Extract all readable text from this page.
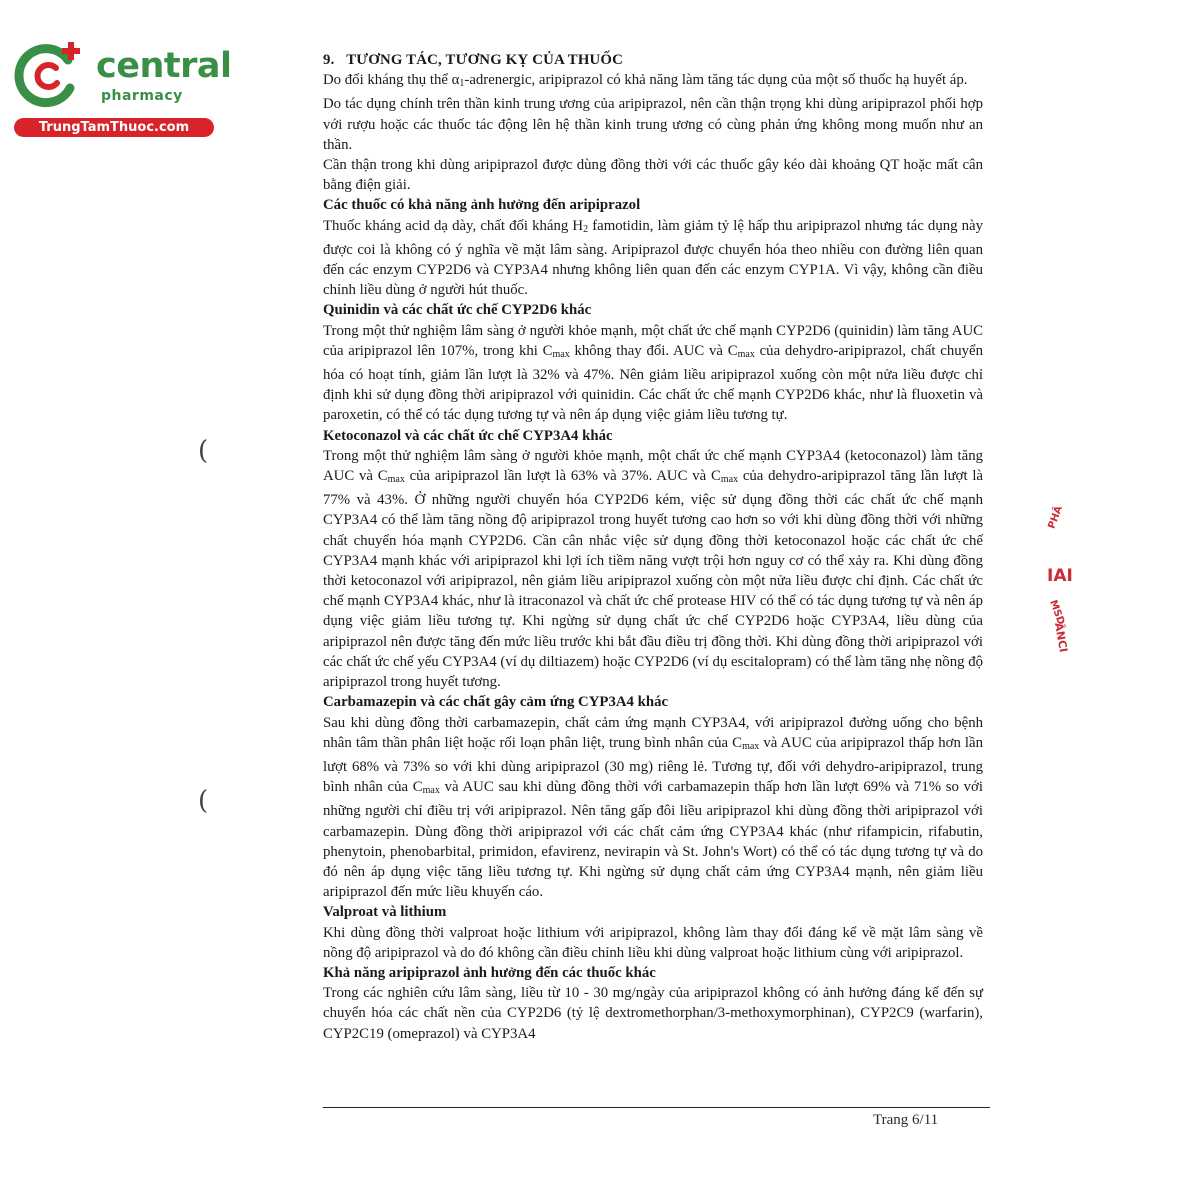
central
pharmacy
TrungTamThuoc.com

9.   TƯƠNG TÁC, TƯƠNG KỴ CỦA THUỐC

Do đối kháng thụ thể α1-adrenergic, aripiprazol có khả năng làm tăng tác dụng của một số thuốc hạ huyết áp.

Do tác dụng chính trên thần kinh trung ương của aripiprazol, nên cần thận trọng khi dùng aripiprazol phối hợp với rượu hoặc các thuốc tác động lên hệ thần kinh trung ương có cùng phản ứng không mong muốn như an thần.

Cần thận trong khi dùng aripiprazol được dùng đồng thời với các thuốc gây kéo dài khoảng QT hoặc mất cân bằng điện giải.

Các thuốc có khả năng ảnh hưởng đến aripiprazol

Thuốc kháng acid dạ dày, chất đối kháng H2 famotidin, làm giảm tỷ lệ hấp thu aripiprazol nhưng tác dụng này được coi là không có ý nghĩa về mặt lâm sàng. Aripiprazol được chuyển hóa theo nhiều con đường liên quan đến các enzym CYP2D6 và CYP3A4 nhưng không liên quan đến các enzym CYP1A. Vì vậy, không cần điều chỉnh liều dùng ở người hút thuốc.

Quinidin và các chất ức chế CYP2D6 khác

Trong một thử nghiệm lâm sàng ở người khỏe mạnh, một chất ức chế mạnh CYP2D6 (quinidin) làm tăng AUC của aripiprazol lên 107%, trong khi Cmax không thay đổi. AUC và Cmax của dehydro-aripiprazol, chất chuyển hóa có hoạt tính, giảm lần lượt là 32% và 47%. Nên giảm liều aripiprazol xuống còn một nửa liều được chỉ định khi sử dụng đồng thời aripiprazol với quinidin. Các chất ức chế mạnh CYP2D6 khác, như là fluoxetin và paroxetin, có thể có tác dụng tương tự và nên áp dụng việc giảm liều tương tự.

Ketoconazol và các chất ức chế CYP3A4 khác

Trong một thử nghiệm lâm sàng ở người khỏe mạnh, một chất ức chế mạnh CYP3A4 (ketoconazol) làm tăng AUC và Cmax của aripiprazol lần lượt là 63% và 37%. AUC và Cmax của dehydro-aripiprazol tăng lần lượt là 77% và 43%. Ở những người chuyển hóa CYP2D6 kém, việc sử dụng đồng thời các chất ức chế mạnh CYP3A4 có thể làm tăng nồng độ aripiprazol trong huyết tương cao hơn so với khi dùng đồng thời với những chất chuyển hóa mạnh CYP2D6. Cần cân nhắc việc sử dụng đồng thời ketoconazol hoặc các chất ức chế CYP3A4 mạnh khác với aripiprazol khi lợi ích tiềm năng vượt trội hơn nguy cơ có thể xảy ra. Khi dùng đồng thời ketoconazol với aripiprazol, nên giảm liều aripiprazol xuống còn một nửa liều được chỉ định. Các chất ức chế mạnh CYP3A4 khác, như là itraconazol và chất ức chế protease HIV có thể có tác dụng tương tự và nên áp dụng việc giảm liều tương tự. Khi ngừng sử dụng chất ức chế CYP2D6 hoặc CYP3A4, liều dùng của aripiprazol nên được tăng đến mức liều trước khi bắt đầu điều trị đồng thời. Khi dùng đồng thời aripiprazol với các chất ức chế yếu CYP3A4 (ví dụ diltiazem) hoặc CYP2D6 (ví dụ escitalopram) có thể làm tăng nhẹ nồng độ aripiprazol trong huyết tương.

Carbamazepin và các chất gây cảm ứng CYP3A4 khác

Sau khi dùng đồng thời carbamazepin, chất cảm ứng mạnh CYP3A4, với aripiprazol đường uống cho bệnh nhân tâm thần phân liệt hoặc rối loạn phân liệt, trung bình nhân của Cmax và AUC của aripiprazol thấp hơn lần lượt 68% và 73% so với khi dùng aripiprazol (30 mg) riêng lẻ. Tương tự, đối với dehydro-aripiprazol, trung bình nhân của Cmax và AUC sau khi dùng đồng thời với carbamazepin thấp hơn lần lượt 69% và 71% so với những người chỉ điều trị với aripiprazol. Nên tăng gấp đôi liều aripiprazol khi dùng đồng thời aripiprazol với carbamazepin. Dùng đồng thời aripiprazol với các chất cảm ứng CYP3A4 khác (như rifampicin, rifabutin, phenytoin, phenobarbital, primidon, efavirenz, nevirapin và St. John's Wort) có thể có tác dụng tương tự và do đó nên áp dụng việc tăng liều tương tự. Khi ngừng sử dụng chất cảm ứng CYP3A4 mạnh, nên giảm liều aripiprazol đến mức liều khuyến cáo.

Valproat và lithium

Khi dùng đồng thời valproat hoặc lithium với aripiprazol, không làm thay đổi đáng kể về mặt lâm sàng về nồng độ aripiprazol và do đó không cần điều chỉnh liều khi dùng valproat hoặc lithium cùng với aripiprazol.

Khả năng aripiprazol ảnh hưởng đến các thuốc khác

Trong các nghiên cứu lâm sàng, liều từ 10 - 30 mg/ngày của aripiprazol không có ảnh hưởng đáng kể đến sự chuyển hóa các chất nền của CYP2D6 (tỷ lệ dextromethorphan/3-methoxymorphinan), CYP2C9 (warfarin), CYP2C19 (omeprazol) và CYP3A4

Trang 6/11
(
(
PHÂ
IAI
MSD
ÂNCI
